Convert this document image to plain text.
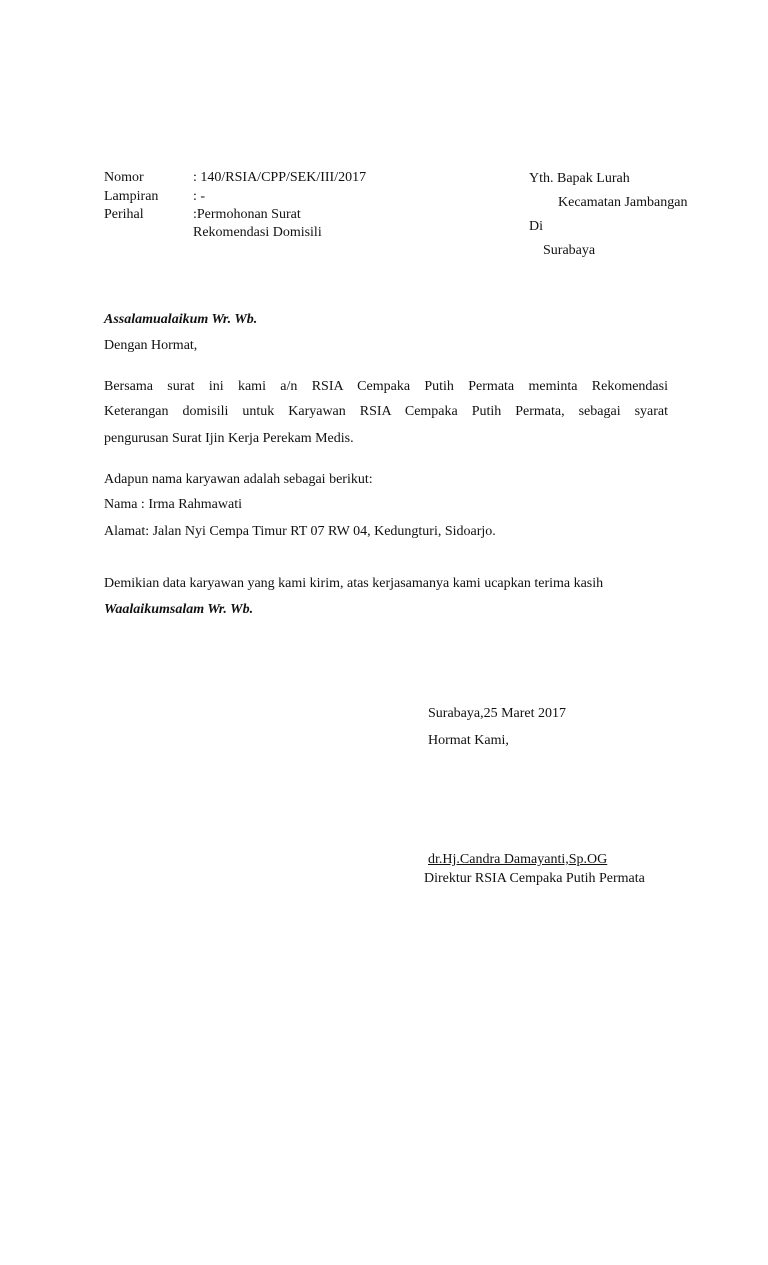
Nomor	: 140/RSIA/CPP/SEK/III/2017
Lampiran : -
Perihal	:Permohonan Surat
Rekomendasi Domisili
Yth. Bapak Lurah
Kecamatan Jambangan
Di
Surabaya
Assalamualaikum Wr. Wb.
Dengan Hormat,
Bersama surat ini kami a/n RSIA Cempaka Putih Permata meminta Rekomendasi
Keterangan domisili untuk Karyawan RSIA Cempaka Putih Permata, sebagai syarat
pengurusan Surat Ijin Kerja Perekam Medis.
Adapun nama karyawan adalah sebagai berikut:
Nama : Irma Rahmawati
Alamat: Jalan Nyi Cempa Timur RT 07 RW 04, Kedungturi, Sidoarjo.
Demikian data karyawan yang kami kirim, atas kerjasamanya kami ucapkan terima kasih
Waalaikumsalam Wr. Wb.
Surabaya,25 Maret 2017
Hormat Kami,
dr.Hj.Candra Damayanti,Sp.OG
Direktur RSIA Cempaka Putih Permata
